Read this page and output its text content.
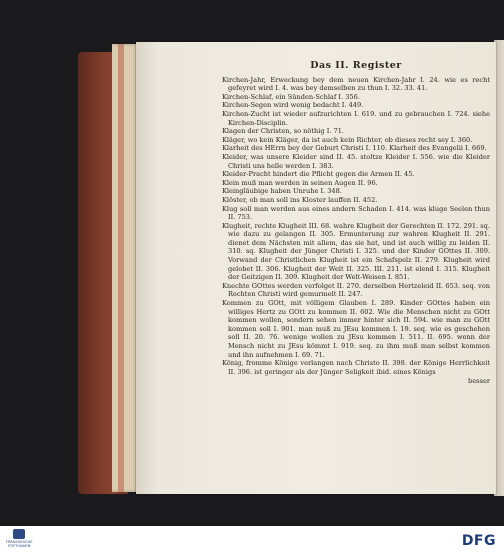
Das II. Register

Kirchen-Jahr, Erweckung bey dem neuen Kirchen-Jahr I. 24. wie es recht gefeyret wird I. 4. was bey demselben zu thun I. 32. 33. 41.

Kirchen-Schlaf, ein Sünden-Schlaf I. 356.

Kirchen-Segen wird wenig bedacht I. 449.

Kirchen-Zucht ist wieder aufzurichten I. 619. und zu gebrauchen I. 724. siehe Kirchen-Disciplin.

Klagen der Christen, so nöthig I. 71.

Kläger, wo kein Kläger, da ist auch kein Richter, ob dieses recht sey I. 360.

Klarheit des HErrn bey der Geburt Christi I. 110. Klarheit des Evangelii I. 669.

Kleider, was unsere Kleider sind II. 45. stoltze Kleider I. 556. wie die Kleider Christi uns helle werden I. 383.

Kleider-Pracht hindert die Pflicht gegen die Armen II. 45.

Klein muß man werden in seinen Augen II. 96.

Kleingläubige haben Unruhe I. 348.

Klöster, ob man soll ins Kloster lauffen II. 452.

Klug soll man werden aus eines andern Schaden I. 414. was kluge Seelen thun II. 753.

Klugheit, rechte Klugheit III. 68. wahre Klugheit der Gerechten II. 172. 291. sq. wie dazu zu gelangen II. 305. Ermunterung zur wahren Klugheit II. 291. dienet dem Nächsten mit allem, das sie hat, und ist auch willig zu leiden II. 310. sq. Klugheit der Jünger Christi I. 325. und der Kinder GOttes II. 309. Vorwand der Christlichen Klugheit ist ein Schafspelz II. 279. Klugheit wird gelobet II. 306. Klugheit der Welt II. 325. III. 211. ist elend I. 315. Klugheit der Geitzigen II. 309. Klugheit der Welt-Weisen I. 851.

Knechte GOttes werden verfolget II. 270. derselben Hertzeleid II. 653. seq. von Rechten Christi wird gemurmelt II. 247.

Kommen zu GOtt, mit völligem Glauben I. 289. Kinder GOttes haben ein williges Hertz zu GOtt zu kommen II. 602. Wie die Menschen nicht zu GOtt kommen wollen, sondern sehen immer hinter sich II. 594. wie man zu GOtt kommen soll I. 901. man muß zu JEsu kommen I. 19. seq. wie es geschehen soll II. 20. 76. wenige wollen zu JEsu kommen I. 511. II. 695. wenn der Mensch nicht zu JEsu kömmt I. 919. seq. zu ihm muß man selbst kommen und ihn aufnehmen I. 69. 71.

König, fromme Könige verlangen nach Christo II. 398. der Könige Herrlichkeit II. 396. ist geringer als der Jünger Seligkeit ibid. eines Königs

besser
FRANCKESCHE STIFTUNGEN	DFG
